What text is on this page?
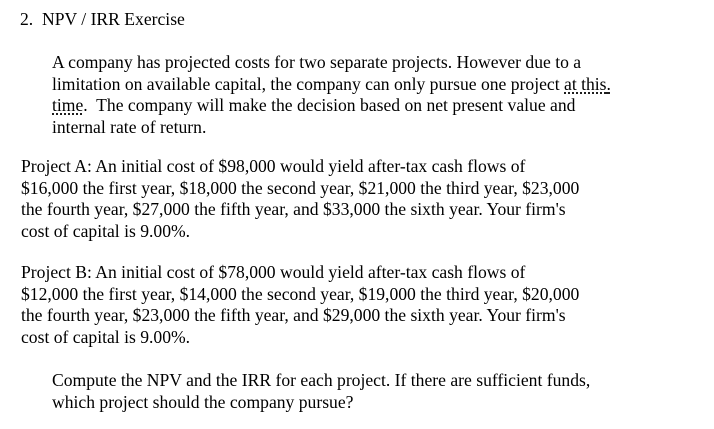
2. NPV / IRR Exercise
A company has projected costs for two separate projects. However due to a
limitation on available capital, the company can only pursue one project at this.
time.  The company will make the decision based on net present value and
internal rate of return.
Project A: An initial cost of $98,000 would yield after-tax cash flows of
$16,000 the first year, $18,000 the second year, $21,000 the third year, $23,000
the fourth year, $27,000 the fifth year, and $33,000 the sixth year. Your firm's
cost of capital is 9.00%.
Project B: An initial cost of $78,000 would yield after-tax cash flows of
$12,000 the first year, $14,000 the second year, $19,000 the third year, $20,000
the fourth year, $23,000 the fifth year, and $29,000 the sixth year. Your firm's
cost of capital is 9.00%.
Compute the NPV and the IRR for each project. If there are sufficient funds,
which project should the company pursue?
